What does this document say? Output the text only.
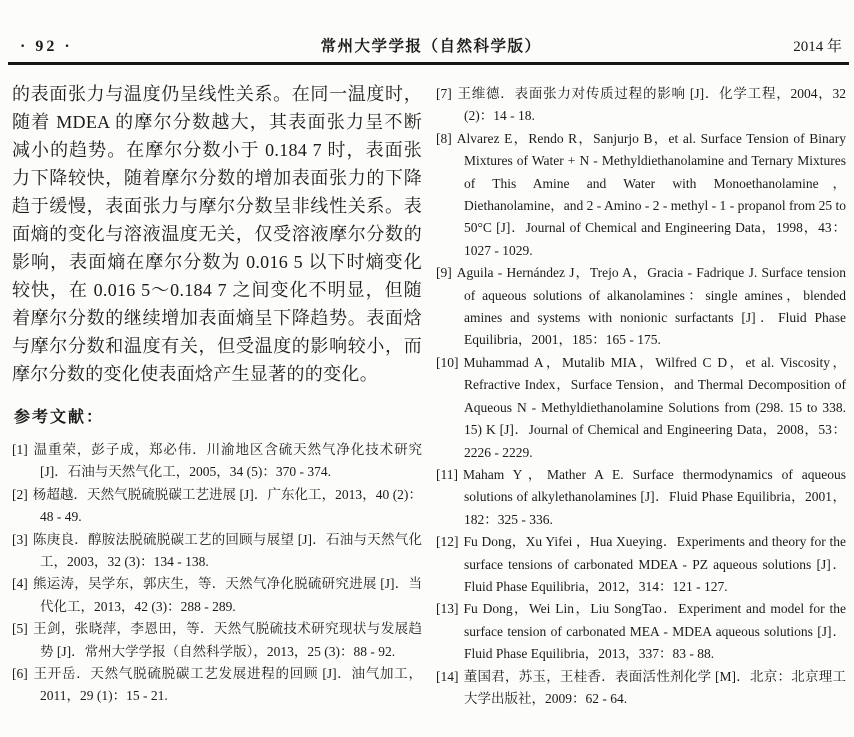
· 92 ·	常州大学学报（自然科学版）	2014 年

的表面张力与温度仍呈线性关系。在同一温度时，随着 MDEA 的摩尔分数越大，其表面张力呈不断减小的趋势。在摩尔分数小于 0.184 7 时，表面张力下降较快，随着摩尔分数的增加表面张力的下降趋于缓慢，表面张力与摩尔分数呈非线性关系。表面熵的变化与溶液温度无关，仅受溶液摩尔分数的影响，表面熵在摩尔分数为 0.016 5 以下时熵变化较快，在 0.016 5～0.184 7 之间变化不明显，但随着摩尔分数的继续增加表面熵呈下降趋势。表面焓与摩尔分数和温度有关，但受温度的影响较小，而摩尔分数的变化使表面焓产生显著的的变化。

参考文献：
[1] 温重荣，彭子成，郑必伟．川渝地区含硫天然气净化技术研究 [J]．石油与天然气化工，2005，34 (5)：370 - 374.
[2] 杨超越．天然气脱硫脱碳工艺进展 [J]．广东化工，2013，40 (2)：48 - 49.
[3] 陈庚良．醇胺法脱硫脱碳工艺的回顾与展望 [J]．石油与天然气化工，2003，32 (3)：134 - 138.
[4] 熊运涛，吴学东，郭庆生，等．天然气净化脱硫研究进展 [J]．当代化工，2013，42 (3)：288 - 289.
[5] 王剑，张晓萍，李恩田，等．天然气脱硫技术研究现状与发展趋势 [J]．常州大学学报（自然科学版），2013，25 (3)：88 - 92.
[6] 王开岳．天然气脱硫脱碳工艺发展进程的回顾 [J]．油气加工，2011，29 (1)：15 - 21.
[7] 王维德．表面张力对传质过程的影响 [J]．化学工程，2004，32 (2)：14 - 18.
[8] Alvarez E，Rendo R，Sanjurjo B，et al. Surface Tension of Binary Mixtures of Water + N - Methyldiethanolamine and Ternary Mixtures of This Amine and Water with Monoethanolamine，Diethanolamine，and 2 - Amino - 2 - methyl - 1 - propanol from 25 to 50°C [J]．Journal of Chemical and Engineering Data，1998，43：1027 - 1029.
[9] Aguila - Hernández J，Trejo A，Gracia - Fadrique J. Surface tension of aqueous solutions of alkanolamines：single amines，blended amines and systems with nonionic surfactants [J]．Fluid Phase Equilibria，2001，185：165 - 175.
[10] Muhammad A，Mutalib MIA，Wilfred C D，et al. Viscosity，Refractive Index，Surface Tension，and Thermal Decomposition of Aqueous N - Methyldiethanolamine Solutions from (298. 15 to 338. 15) K [J]．Journal of Chemical and Engineering Data，2008，53：2226 - 2229.
[11] Maham Y，Mather A E. Surface thermodynamics of aqueous solutions of alkylethanolamines [J]．Fluid Phase Equilibria，2001，182：325 - 336.
[12] Fu Dong，Xu Yifei ，Hua Xueying．Experiments and theory for the surface tensions of carbonated MDEA - PZ aqueous solutions [J]．Fluid Phase Equilibria，2012，314：121 - 127.
[13] Fu Dong，Wei Lin，Liu SongTao．Experiment and model for the surface tension of carbonated MEA - MDEA aqueous solutions [J]．Fluid Phase Equilibria，2013，337：83 - 88.
[14] 董国君，苏玉，王桂香．表面活性剂化学 [M]．北京：北京理工大学出版社，2009：62 - 64.
